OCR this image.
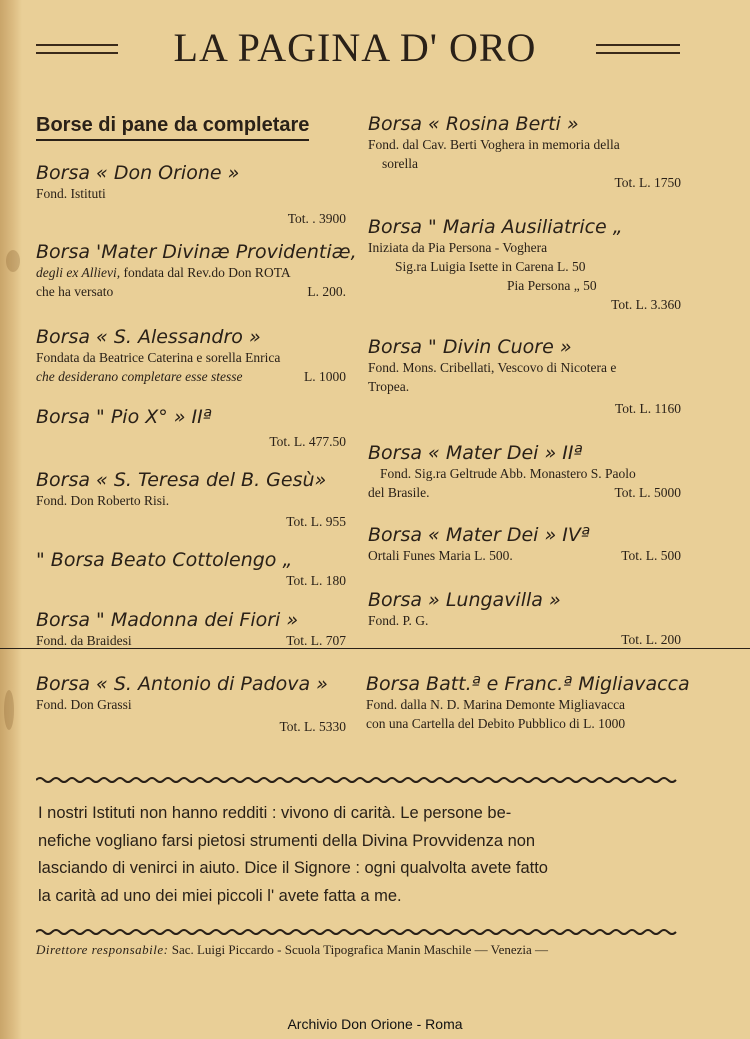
LA PAGINA D' ORO
Borse di pane da completare
Borsa « Don Orione »
Fond. Istituti
Tot. . 3900
Borsa 'Mater Divinæ Providentiæ,
degli ex Allievi, fondata dal Rev.do Don ROTA
che ha versato	L. 200.
Borsa « S. Alessandro »
Fondata da Beatrice Caterina e sorella Enrica
che desiderano completare esse stesse	L. 1000
Borsa " Pio X° » IIª
Tot. L. 477.50
Borsa « S. Teresa del B. Gesù»
Fond. Don Roberto Risi.
Tot. L. 955
" Borsa Beato Cottolengo „
Tot. L. 180
Borsa " Madonna dei Fiori »
Fond. da Braidesi	Tot. L. 707
Borsa « S. Antonio di Padova »
Fond. Don Grassi
Tot. L. 5330
Borsa « Rosina Berti »
Fond. dal Cav. Berti Voghera in memoria della
sorella
Tot. L. 1750
Borsa " Maria Ausiliatrice „
Iniziata da Pia Persona - Voghera
Sig.ra Luigia Isette in Carena L. 50
Pia Persona „ 50
Tot. L. 3.360
Borsa " Divin Cuore »
Fond. Mons. Cribellati, Vescovo di Nicotera e
Tropea.
Tot. L. 1160
Borsa « Mater Dei » IIª
Fond. Sig.ra Geltrude Abb. Monastero S. Paolo
del Brasile.	Tot. L. 5000
Borsa « Mater Dei » IVª
Ortali Funes Maria L. 500.	Tot. L. 500
Borsa » Lungavilla »
Fond. P. G.
Tot. L. 200
Borsa Batt.ª e Franc.ª Migliavacca
Fond. dalla N. D. Marina Demonte Migliavacca
con una Cartella del Debito Pubblico di L. 1000
I nostri Istituti non hanno redditi : vivono di carità. Le persone be-
nefiche vogliano farsi pietosi strumenti della Divina Provvidenza non
lasciando di venirci in aiuto. Dice il Signore : ogni qualvolta avete fatto
la carità ad uno dei miei piccoli l' avete fatta a me.
Direttore responsabile: Sac. Luigi Piccardo - Scuola Tipografica Manin Maschile — Venezia —
Archivio Don Orione - Roma
